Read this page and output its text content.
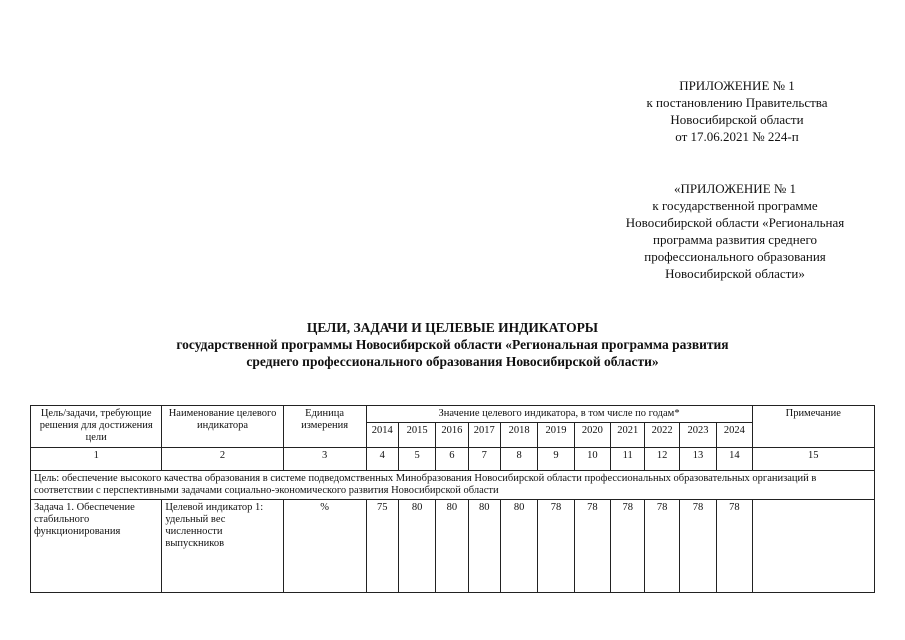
ПРИЛОЖЕНИЕ № 1
к постановлению Правительства
Новосибирской области
от 17.06.2021 № 224-п
«ПРИЛОЖЕНИЕ № 1
к государственной программе
Новосибирской области «Региональная
программа развития среднего
профессионального образования
Новосибирской области»
ЦЕЛИ, ЗАДАЧИ И ЦЕЛЕВЫЕ ИНДИКАТОРЫ
государственной программы Новосибирской области «Региональная программа развития
среднего профессионального образования Новосибирской области»
Цель/задачи, требующие решения для достижения цели	Наименование целевого индикатора	Единица измерения	Значение целевого индикатора, в том числе по годам*											Примечание
			2014	2015	2016	2017	2018	2019	2020	2021	2022	2023	2024	
1	2	3	4	5	6	7	8	9	10	11	12	13	14	15
Цель: обеспечение высокого качества образования в системе подведомственных Минобразования Новосибирской области профессиональных образовательных организаций в соответствии с перспективными задачами социально-экономического развития Новосибирской области														
Задача 1. Обеспечение стабильного функционирования	Целевой индикатор 1: удельный вес численности выпускников	%	75	80	80	80	80	78	78	78	78	78	78	
